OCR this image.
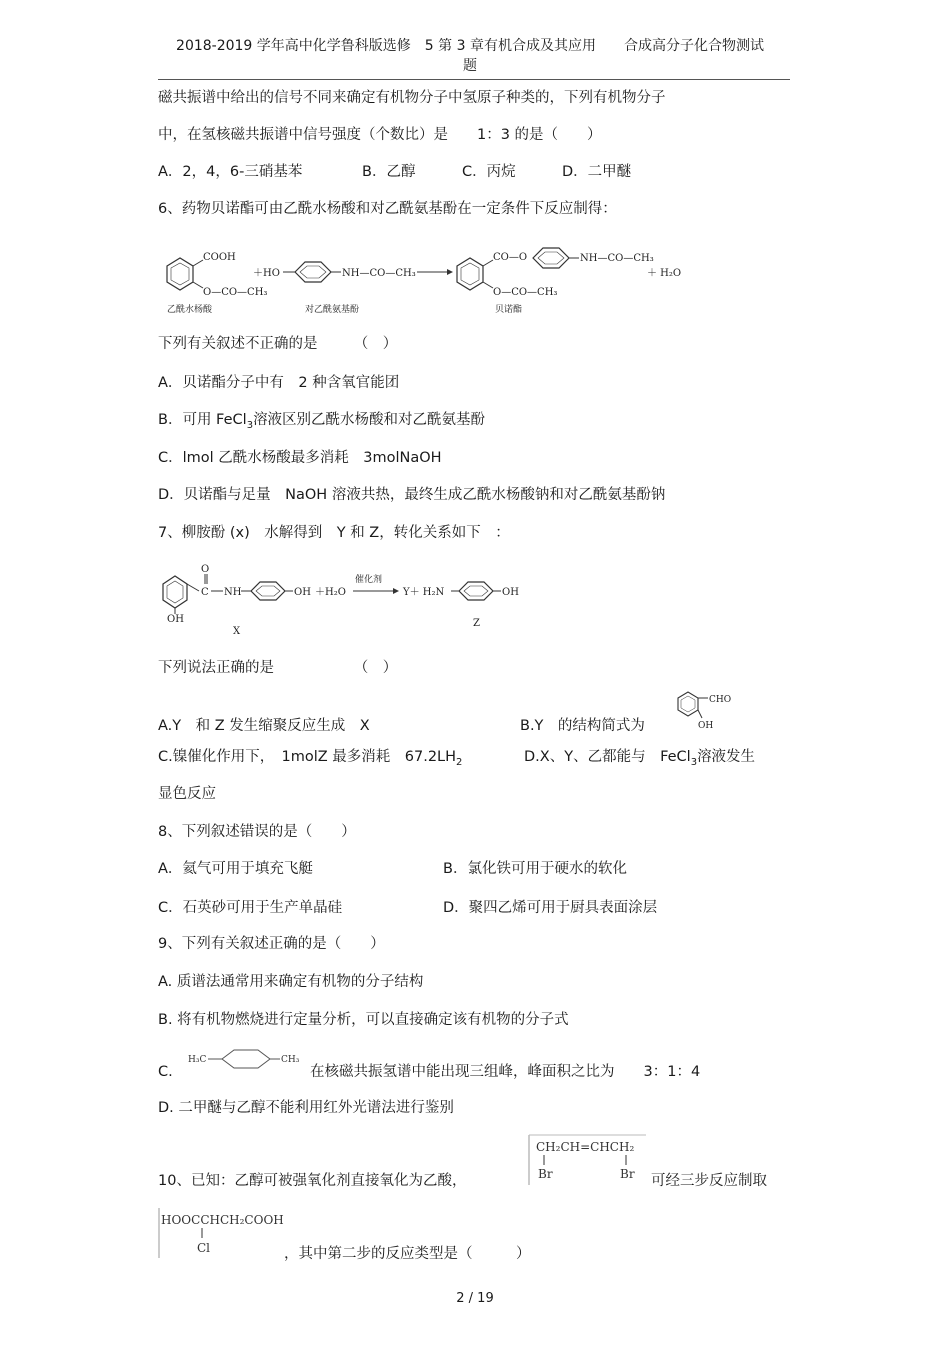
2018-2019 学年高中化学鲁科版选修　5 第 3 章有机合成及其应用　　合成高分子化合物测试
题
磁共振谱中给出的信号不同来确定有机物分子中氢原子种类的，下列有机物分子
中，在氢核磁共振谱中信号强度（个数比）是　　1：3 的是（　　）
A．2，4，6-三硝基苯	B．乙醇	C．丙烷	D．二甲醚
6、药物贝诺酯可由乙酰水杨酸和对乙酰氨基酚在一定条件下反应制得：
COOH
O—CO—CH₃
乙酰水杨酸
＋HO	NH—CO—CH₃
对乙酰氨基酚
CO—O	NH—CO—CH₃
O—CO—CH₃
贝诺酯
＋ H₂O
下列有关叙述不正确的是　　　（　）
A．贝诺酯分子中有　2 种含氧官能团
B．可用 FeCl$_3$溶液区别乙酰水杨酸和对乙酰氨基酚
C．lmol 乙酰水杨酸最多消耗　3molNaOH
D．贝诺酯与足量　NaOH 溶液共热，最终生成乙酰水杨酸钠和对乙酰氨基酚钠
7、柳胺酚 (x)　水解得到　Y 和 Z，转化关系如下　：
O
C NH	OH
OH
X
＋H₂O
催化剂
Y＋ H₂N	OH
Z
下列说法正确的是　　　　　　（　）
A.Y　和 Z 发生缩聚反应生成　X	B.Y　的结构简式为
CHO
OH
C.镍催化作用下，　1molZ 最多消耗　$67.2LH_2$	D.X、Y、乙都能与　FeCl$_3$溶液发生
显色反应
8、下列叙述错误的是（　　）
A．氦气可用于填充飞艇	B．氯化铁可用于硬水的软化
C．石英砂可用于生产单晶硅	D．聚四乙烯可用于厨具表面涂层
9、下列有关叙述正确的是（　　）
A. 质谱法通常用来确定有机物的分子结构
B. 将有机物燃烧进行定量分析，可以直接确定该有机物的分子式
C.
H₃C	CH₃
在核磁共振氢谱中能出现三组峰，峰面积之比为　　3：1：4
D. 二甲醚与乙醇不能利用红外光谱法进行鉴别
10、已知：乙醇可被强氧化剂直接氧化为乙酸，
CH₂CH=CHCH₂
Br	Br 可经三步反应制取
HOOCCHCH₂COOH
Cl	，其中第二步的反应类型是（　　　）
2 / 19
